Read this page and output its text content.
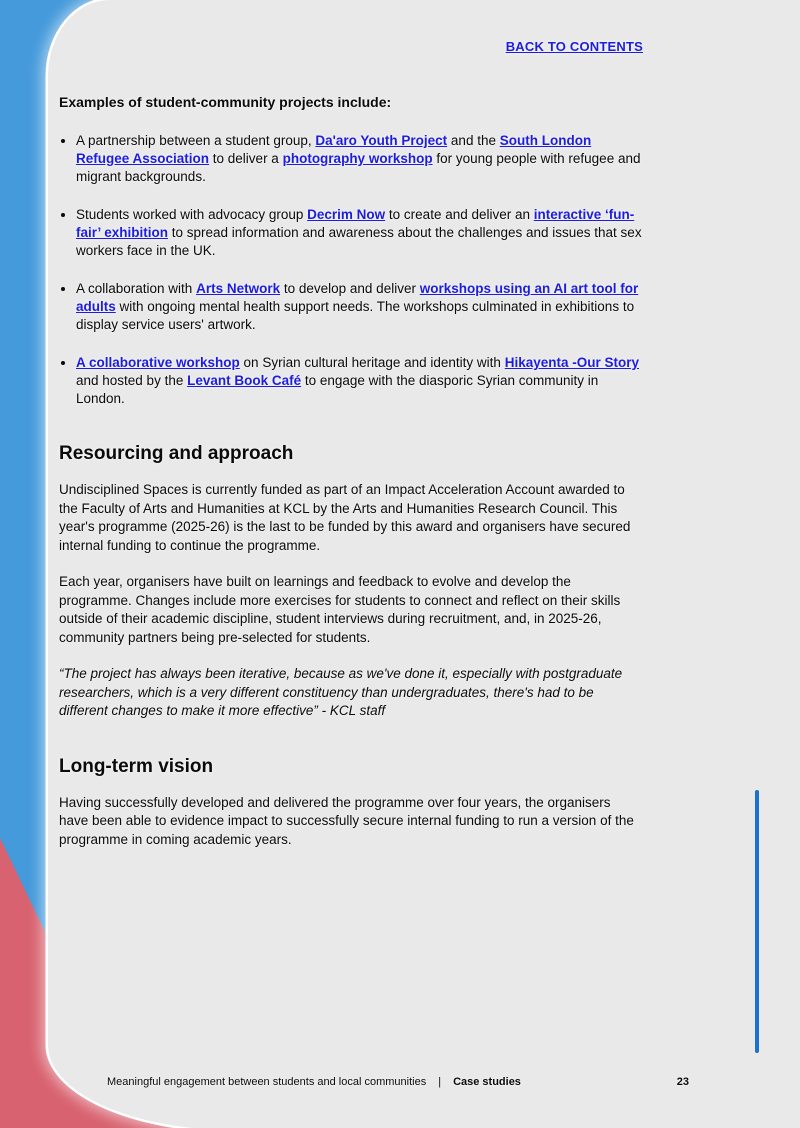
BACK TO CONTENTS

Examples of student-community projects include:

• A partnership between a student group, Da'aro Youth Project and the South London Refugee Association to deliver a photography workshop for young people with refugee and migrant backgrounds.
• Students worked with advocacy group Decrim Now to create and deliver an interactive ‘fun-fair’ exhibition to spread information and awareness about the challenges and issues that sex workers face in the UK.
• A collaboration with Arts Network to develop and deliver workshops using an AI art tool for adults with ongoing mental health support needs. The workshops culminated in exhibitions to display service users' artwork.
• A collaborative workshop on Syrian cultural heritage and identity with Hikayenta -Our Story and hosted by the Levant Book Café to engage with the diasporic Syrian community in London.
Resourcing and approach

Undisciplined Spaces is currently funded as part of an Impact Acceleration Account awarded to the Faculty of Arts and Humanities at KCL by the Arts and Humanities Research Council. This year's programme (2025-26) is the last to be funded by this award and organisers have secured internal funding to continue the programme.

Each year, organisers have built on learnings and feedback to evolve and develop the programme. Changes include more exercises for students to connect and reflect on their skills outside of their academic discipline, student interviews during recruitment, and, in 2025-26, community partners being pre-selected for students.

“The project has always been iterative, because as we've done it, especially with postgraduate researchers, which is a very different constituency than undergraduates, there's had to be different changes to make it more effective” - KCL staff

Long-term vision

Having successfully developed and delivered the programme over four years, the organisers have been able to evidence impact to successfully secure internal funding to run a version of the programme in coming academic years.

Meaningful engagement between students and local communities | Case studies	23
